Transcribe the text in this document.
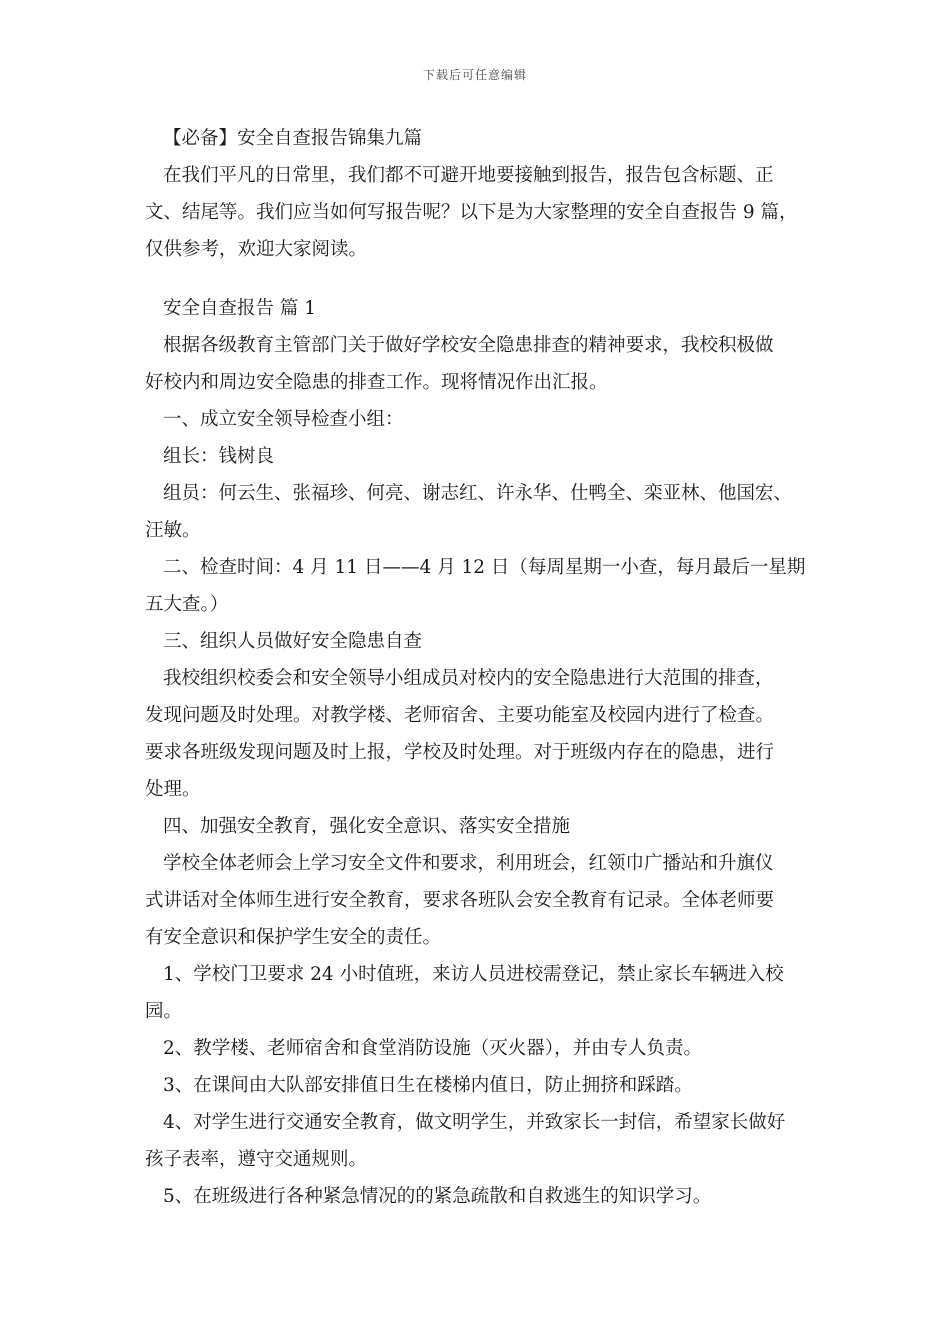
下载后可任意编辑
【必备】安全自查报告锦集九篇
在我们平凡的日常里，我们都不可避开地要接触到报告，报告包含标题、正
文、结尾等。我们应当如何写报告呢？以下是为大家整理的安全自查报告 9 篇，
仅供参考，欢迎大家阅读。
安全自查报告 篇 1
根据各级教育主管部门关于做好学校安全隐患排查的精神要求，我校积极做
好校内和周边安全隐患的排查工作。现将情况作出汇报。
一、成立安全领导检查小组：
组长：钱树良
组员：何云生、张福珍、何亮、谢志红、许永华、仕鸭全、栾亚林、他国宏、
汪敏。
二、检查时间：4 月 11 日——4 月 12 日（每周星期一小查，每月最后一星期
五大查。）
三、组织人员做好安全隐患自查
我校组织校委会和安全领导小组成员对校内的安全隐患进行大范围的排查，
发现问题及时处理。对教学楼、老师宿舍、主要功能室及校园内进行了检查。
要求各班级发现问题及时上报，学校及时处理。对于班级内存在的隐患，进行
处理。
四、加强安全教育，强化安全意识、落实安全措施
学校全体老师会上学习安全文件和要求，利用班会，红领巾广播站和升旗仪
式讲话对全体师生进行安全教育，要求各班队会安全教育有记录。全体老师要
有安全意识和保护学生安全的责任。
1、学校门卫要求 24 小时值班，来访人员进校需登记，禁止家长车辆进入校
园。
2、教学楼、老师宿舍和食堂消防设施（灭火器），并由专人负责。
3、在课间由大队部安排值日生在楼梯内值日，防止拥挤和踩踏。
4、对学生进行交通安全教育，做文明学生，并致家长一封信，希望家长做好
孩子表率，遵守交通规则。
5、在班级进行各种紧急情况的的紧急疏散和自救逃生的知识学习。
